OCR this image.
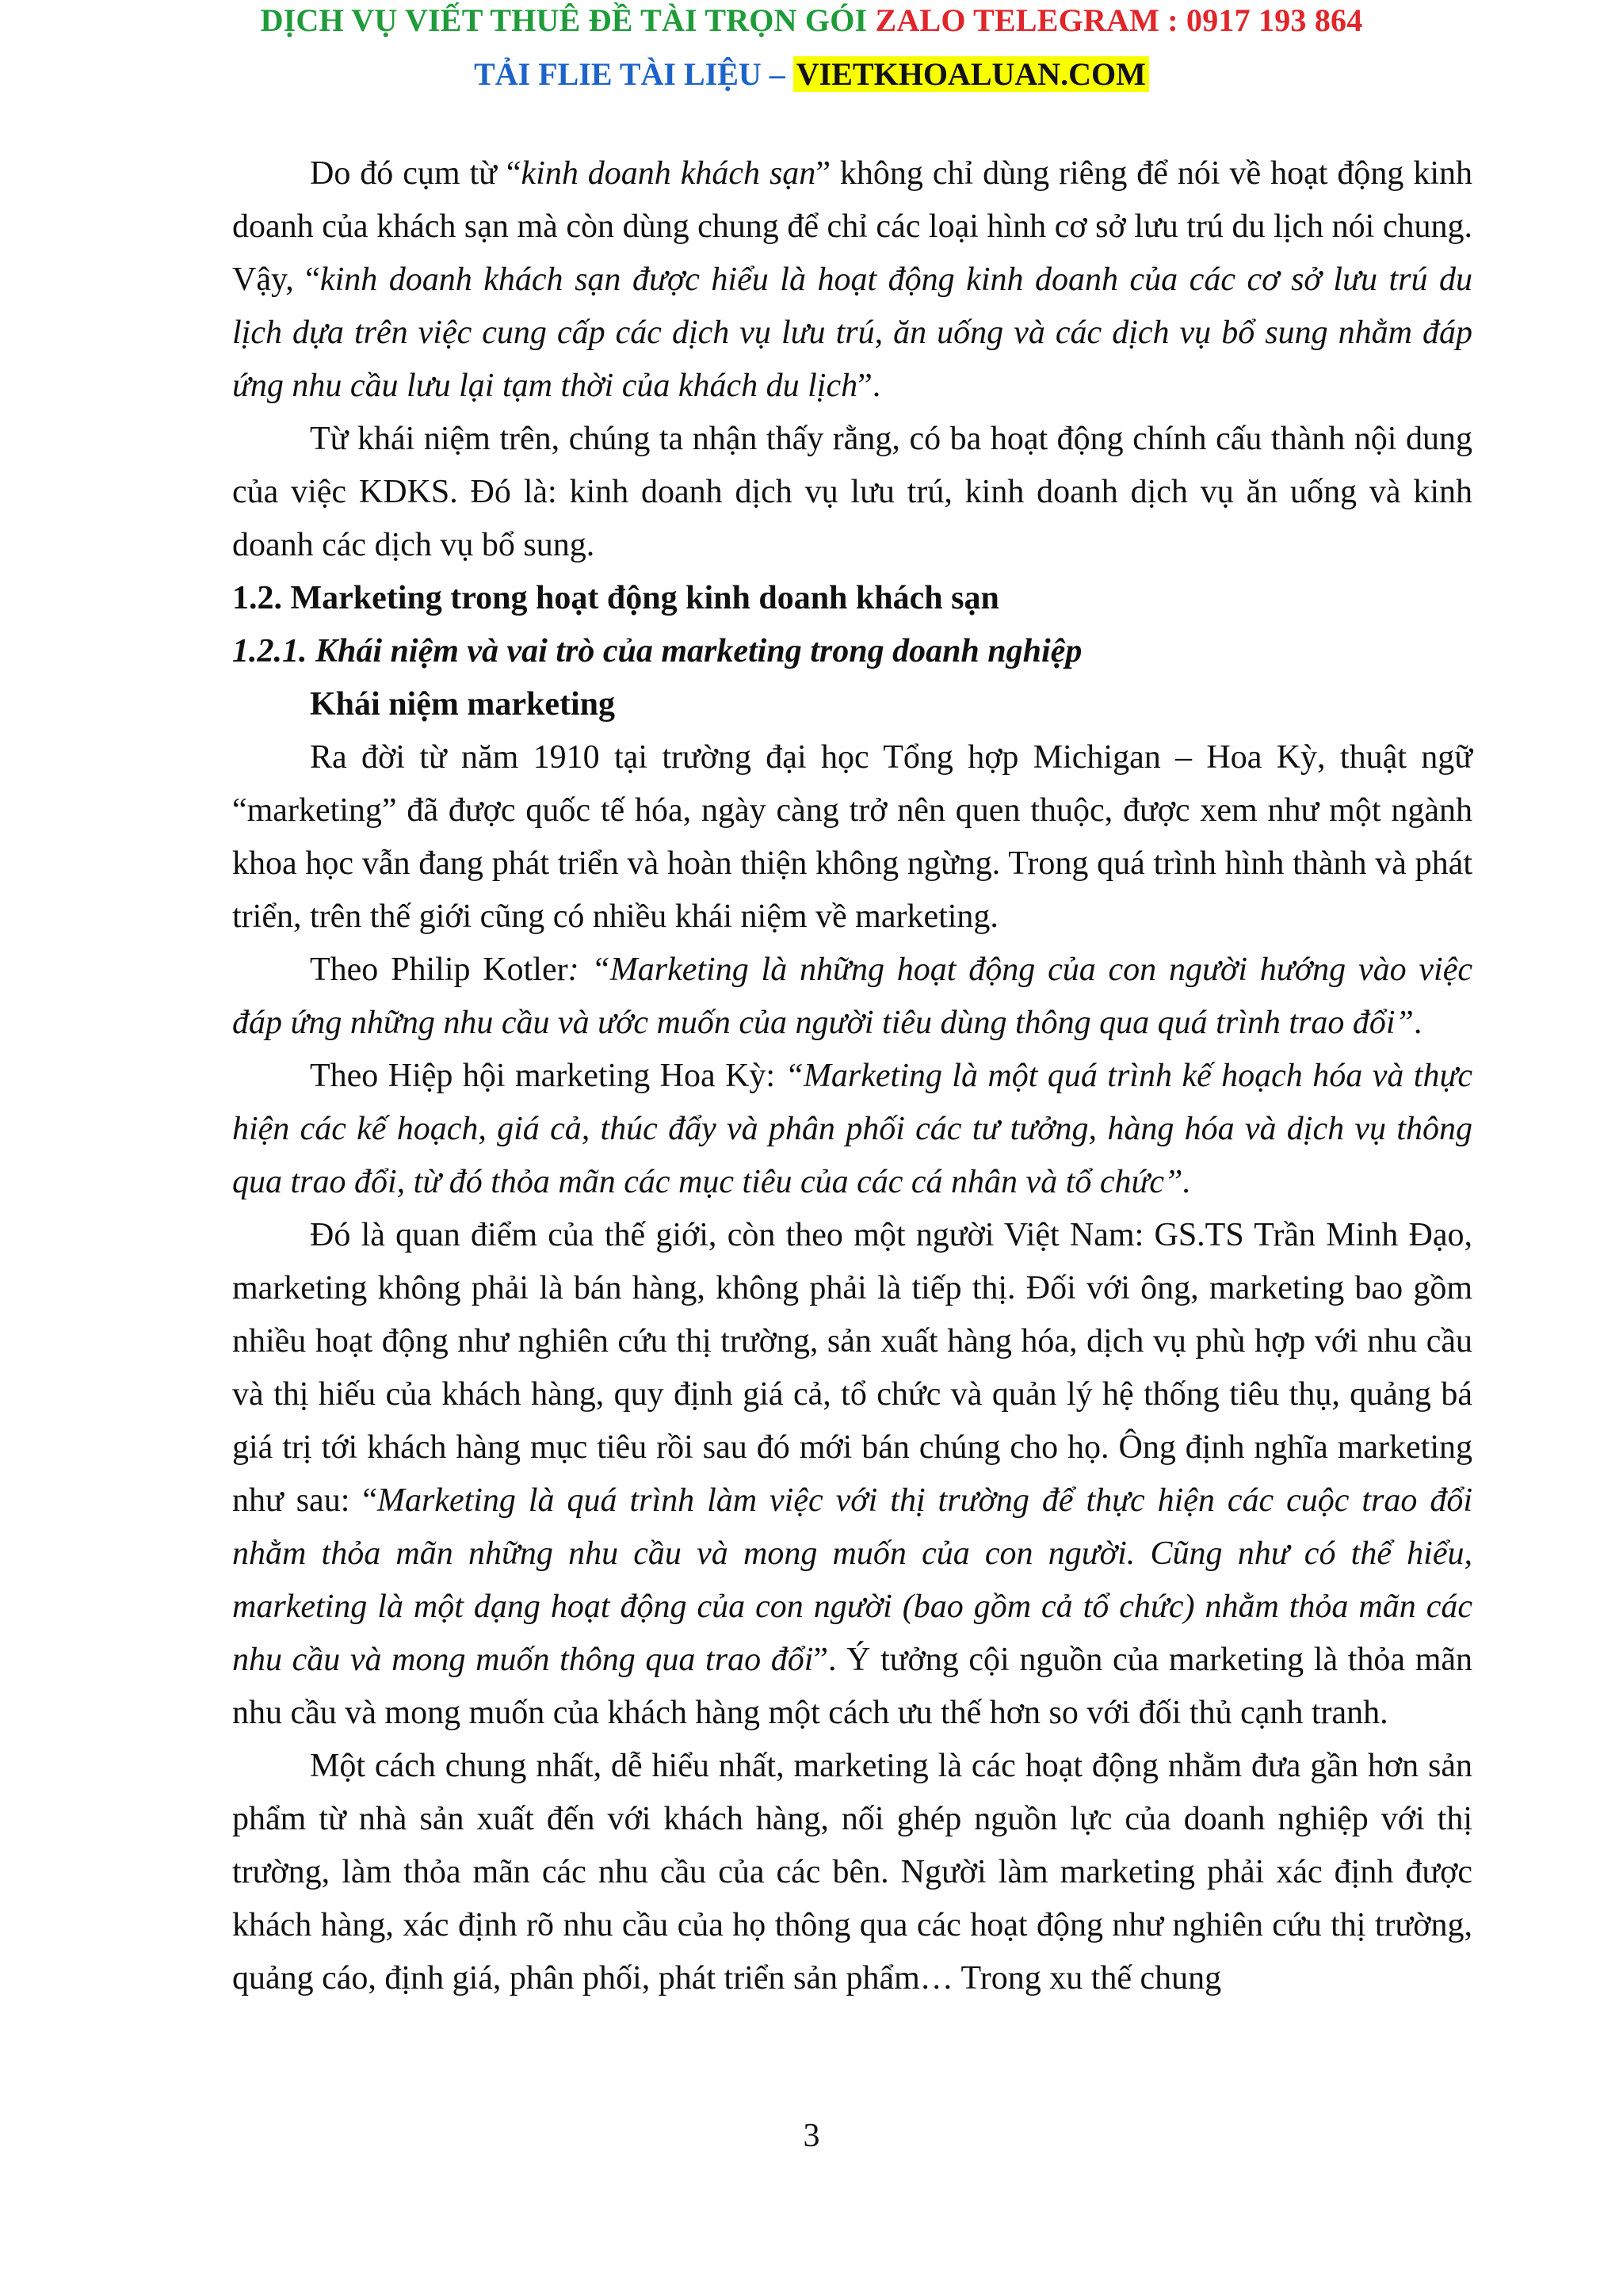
DỊCH VỤ VIẾT THUÊ ĐỀ TÀI TRỌN GÓI ZALO TELEGRAM : 0917 193 864
TẢI FLIE TÀI LIỆU – VIETKHOALUAN.COM

Do đó cụm từ “kinh doanh khách sạn” không chỉ dùng riêng để nói về hoạt động kinh doanh của khách sạn mà còn dùng chung để chỉ các loại hình cơ sở lưu trú du lịch nói chung. Vậy, “kinh doanh khách sạn được hiểu là hoạt động kinh doanh của các cơ sở lưu trú du lịch dựa trên việc cung cấp các dịch vụ lưu trú, ăn uống và các dịch vụ bổ sung nhằm đáp ứng nhu cầu lưu lại tạm thời của khách du lịch”.

Từ khái niệm trên, chúng ta nhận thấy rằng, có ba hoạt động chính cấu thành nội dung của việc KDKS. Đó là: kinh doanh dịch vụ lưu trú, kinh doanh dịch vụ ăn uống và kinh doanh các dịch vụ bổ sung.

1.2. Marketing trong hoạt động kinh doanh khách sạn

1.2.1. Khái niệm và vai trò của marketing trong doanh nghiệp

Khái niệm marketing

Ra đời từ năm 1910 tại trường đại học Tổng hợp Michigan – Hoa Kỳ, thuật ngữ “marketing” đã được quốc tế hóa, ngày càng trở nên quen thuộc, được xem như một ngành khoa học vẫn đang phát triển và hoàn thiện không ngừng. Trong quá trình hình thành và phát triển, trên thế giới cũng có nhiều khái niệm về marketing.

Theo Philip Kotler: “Marketing là những hoạt động của con người hướng vào việc đáp ứng những nhu cầu và ước muốn của người tiêu dùng thông qua quá trình trao đổi”.

Theo Hiệp hội marketing Hoa Kỳ: “Marketing là một quá trình kế hoạch hóa và thực hiện các kế hoạch, giá cả, thúc đẩy và phân phối các tư tưởng, hàng hóa và dịch vụ thông qua trao đổi, từ đó thỏa mãn các mục tiêu của các cá nhân và tổ chức”.

Đó là quan điểm của thế giới, còn theo một người Việt Nam: GS.TS Trần Minh Đạo, marketing không phải là bán hàng, không phải là tiếp thị. Đối với ông, marketing bao gồm nhiều hoạt động như nghiên cứu thị trường, sản xuất hàng hóa, dịch vụ phù hợp với nhu cầu và thị hiếu của khách hàng, quy định giá cả, tổ chức và quản lý hệ thống tiêu thụ, quảng bá giá trị tới khách hàng mục tiêu rồi sau đó mới bán chúng cho họ. Ông định nghĩa marketing như sau: “Marketing là quá trình làm việc với thị trường để thực hiện các cuộc trao đổi nhằm thỏa mãn những nhu cầu và mong muốn của con người. Cũng như có thể hiểu, marketing là một dạng hoạt động của con người (bao gồm cả tổ chức) nhằm thỏa mãn các nhu cầu và mong muốn thông qua trao đổi”. Ý tưởng cội nguồn của marketing là thỏa mãn nhu cầu và mong muốn của khách hàng một cách ưu thế hơn so với đối thủ cạnh tranh.

Một cách chung nhất, dễ hiểu nhất, marketing là các hoạt động nhằm đưa gần hơn sản phẩm từ nhà sản xuất đến với khách hàng, nối ghép nguồn lực của doanh nghiệp với thị trường, làm thỏa mãn các nhu cầu của các bên. Người làm marketing phải xác định được khách hàng, xác định rõ nhu cầu của họ thông qua các hoạt động như nghiên cứu thị trường, quảng cáo, định giá, phân phối, phát triển sản phẩm… Trong xu thế chung

3
